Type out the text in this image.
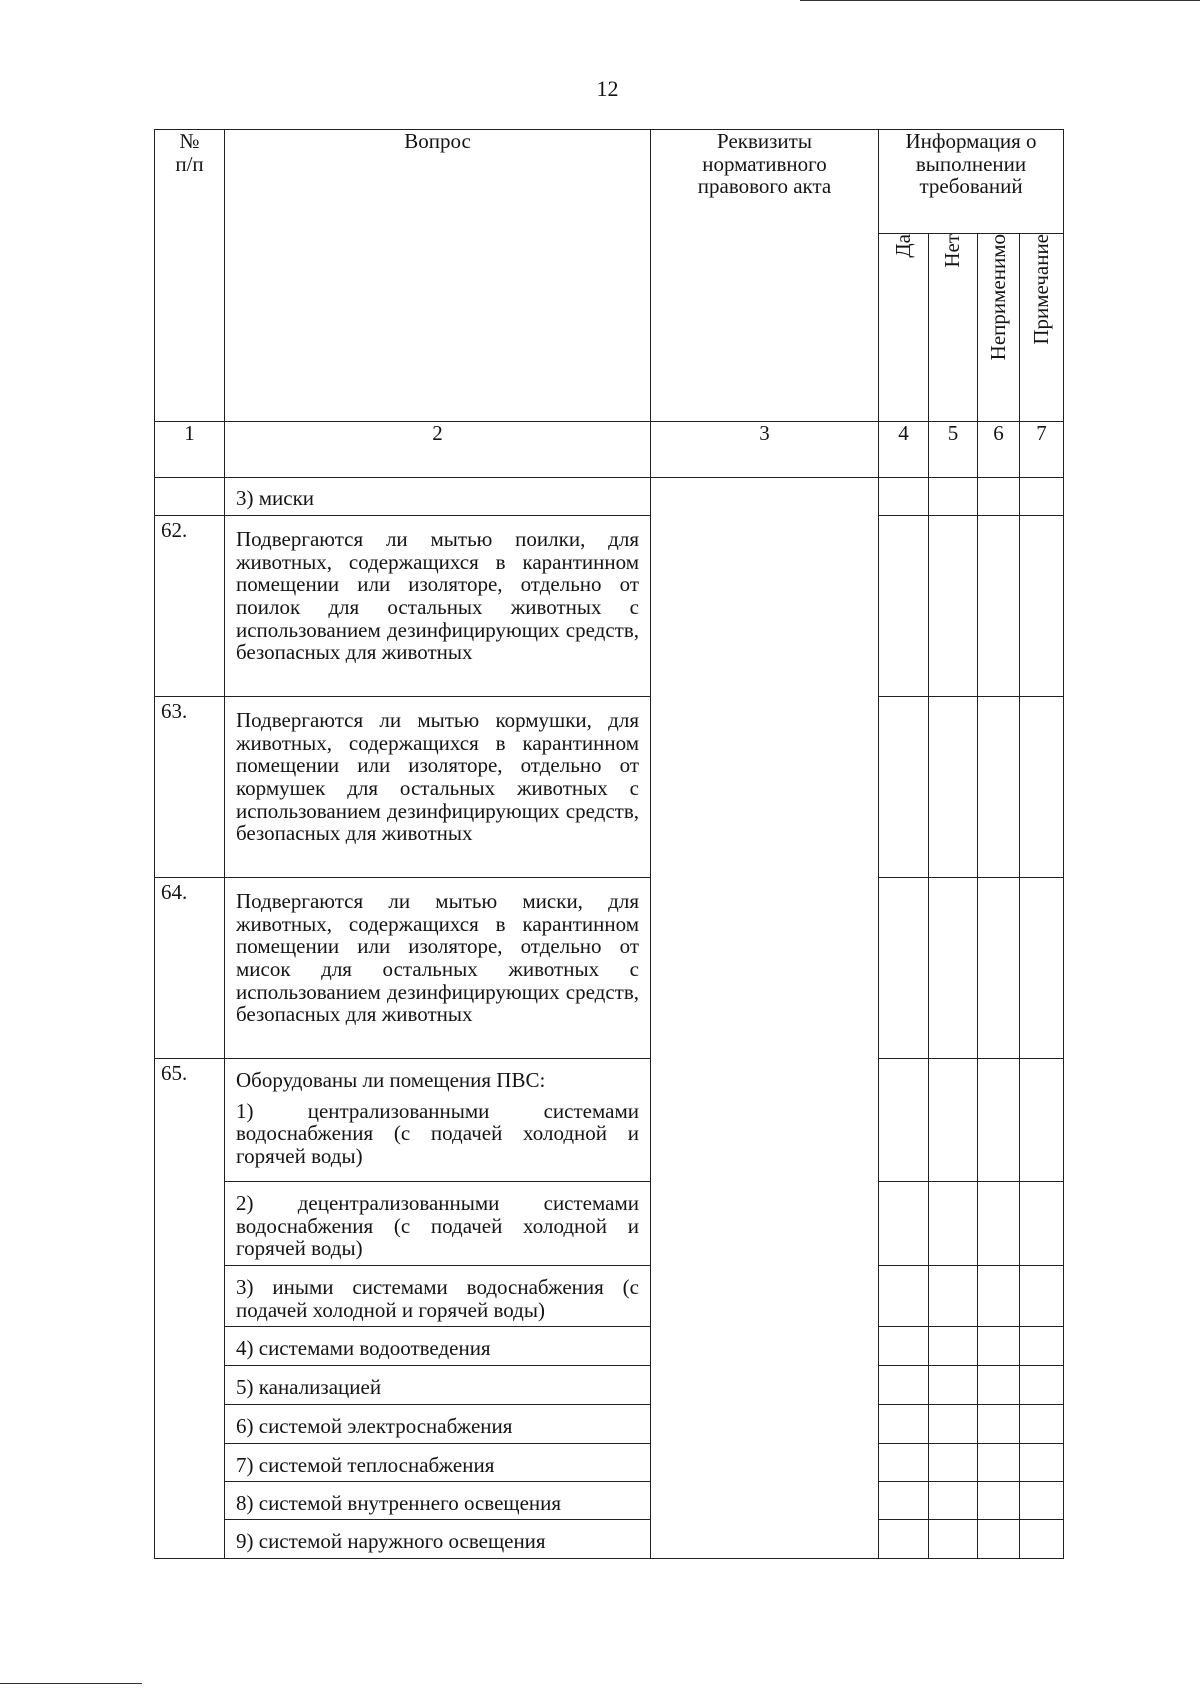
12
№
п/п	Вопрос	Реквизиты нормативного правового акта	Информация о выполнении требований			
			Да	Нет	Неприменимо	Примечание
1	2	3	4	5	6	7
	3) миски					
62.	Подвергаются ли мытью поилки, для животных, содержащихся в карантинном помещении или изоляторе, отдельно от поилок для остальных животных с использованием дезинфицирующих средств, безопасных для животных					
63.	Подвергаются ли мытью кормушки, для животных, содержащихся в карантинном помещении или изоляторе, отдельно от кормушек для остальных животных с использованием дезинфицирующих средств, безопасных для животных					
64.	Подвергаются ли мытью миски, для животных, содержащихся в карантинном помещении или изоляторе, отдельно от мисок для остальных животных с использованием дезинфицирующих средств, безопасных для животных					
65.	Оборудованы ли помещения ПВС:

1) централизованными системами водоснабжения (с подачей холодной и горячей воды)					

	2) децентрализованными системами водоснабжения (с подачей холодной и горячей воды)					
	3) иными системами водоснабжения (с подачей холодной и горячей воды)					
	4) системами водоотведения					
	5) канализацией					
	6) системой электроснабжения					
	7) системой теплоснабжения					
	8) системой внутреннего освещения					
	9) системой наружного освещения					
